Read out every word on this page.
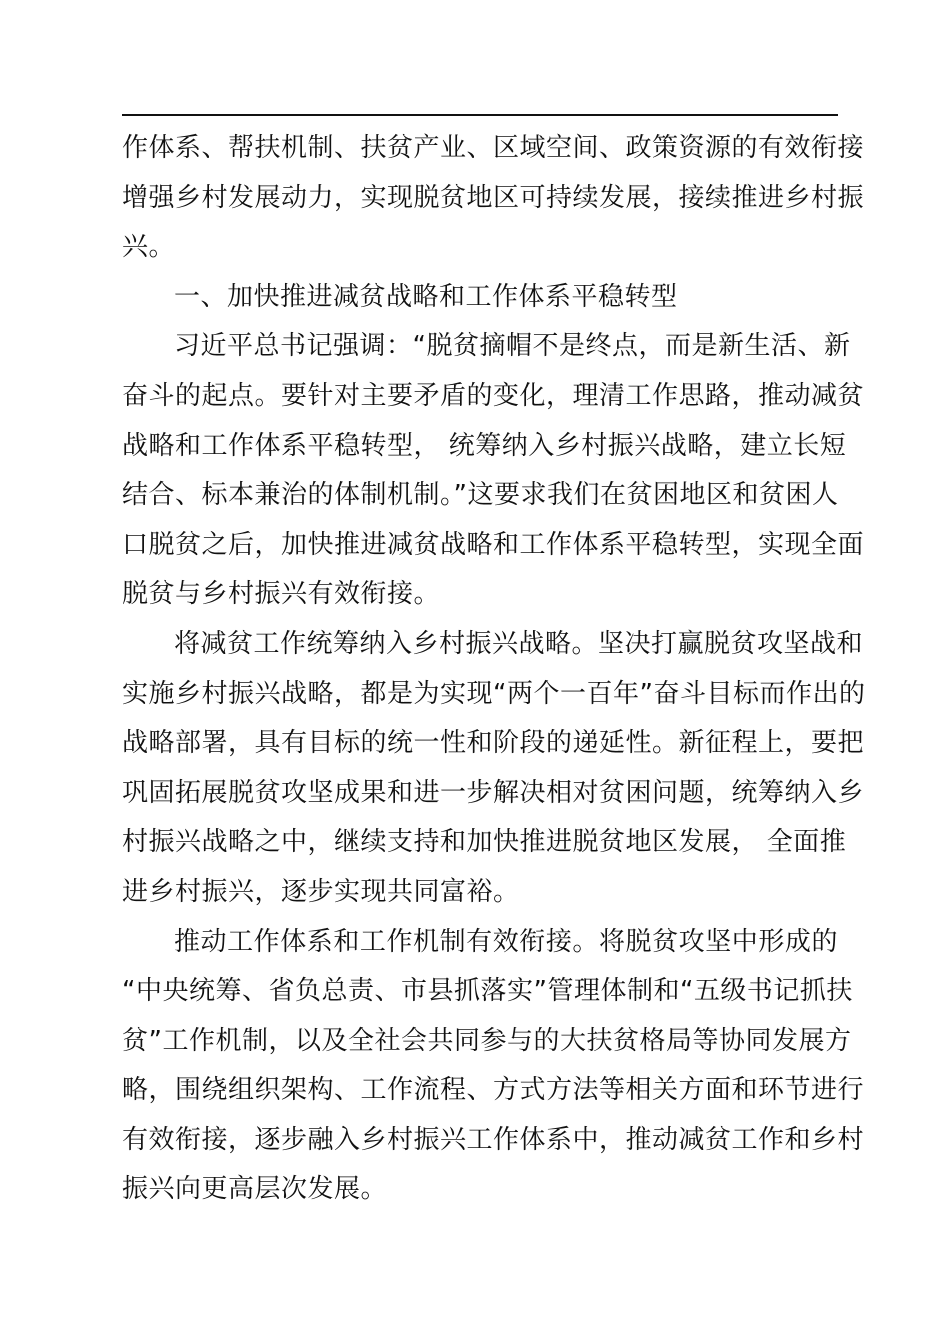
作体系、帮扶机制、扶贫产业、区域空间、政策资源的有效衔接
增强乡村发展动力，实现脱贫地区可持续发展，接续推进乡村振
兴。
一、加快推进减贫战略和工作体系平稳转型
习近平总书记强调：“脱贫摘帽不是终点，而是新生活、新
奋斗的起点。要针对主要矛盾的变化，理清工作思路，推动减贫
战略和工作体系平稳转型， 统筹纳入乡村振兴战略，建立长短
结合、标本兼治的体制机制。”这要求我们在贫困地区和贫困人
口脱贫之后，加快推进减贫战略和工作体系平稳转型，实现全面
脱贫与乡村振兴有效衔接。
将减贫工作统筹纳入乡村振兴战略。坚决打赢脱贫攻坚战和
实施乡村振兴战略，都是为实现“两个一百年”奋斗目标而作出的
战略部署，具有目标的统一性和阶段的递延性。新征程上，要把
巩固拓展脱贫攻坚成果和进一步解决相对贫困问题，统筹纳入乡
村振兴战略之中，继续支持和加快推进脱贫地区发展， 全面推
进乡村振兴，逐步实现共同富裕。
推动工作体系和工作机制有效衔接。将脱贫攻坚中形成的
“中央统筹、省负总责、市县抓落实”管理体制和“五级书记抓扶
贫”工作机制，以及全社会共同参与的大扶贫格局等协同发展方
略，围绕组织架构、工作流程、方式方法等相关方面和环节进行
有效衔接，逐步融入乡村振兴工作体系中，推动减贫工作和乡村
振兴向更高层次发展。
